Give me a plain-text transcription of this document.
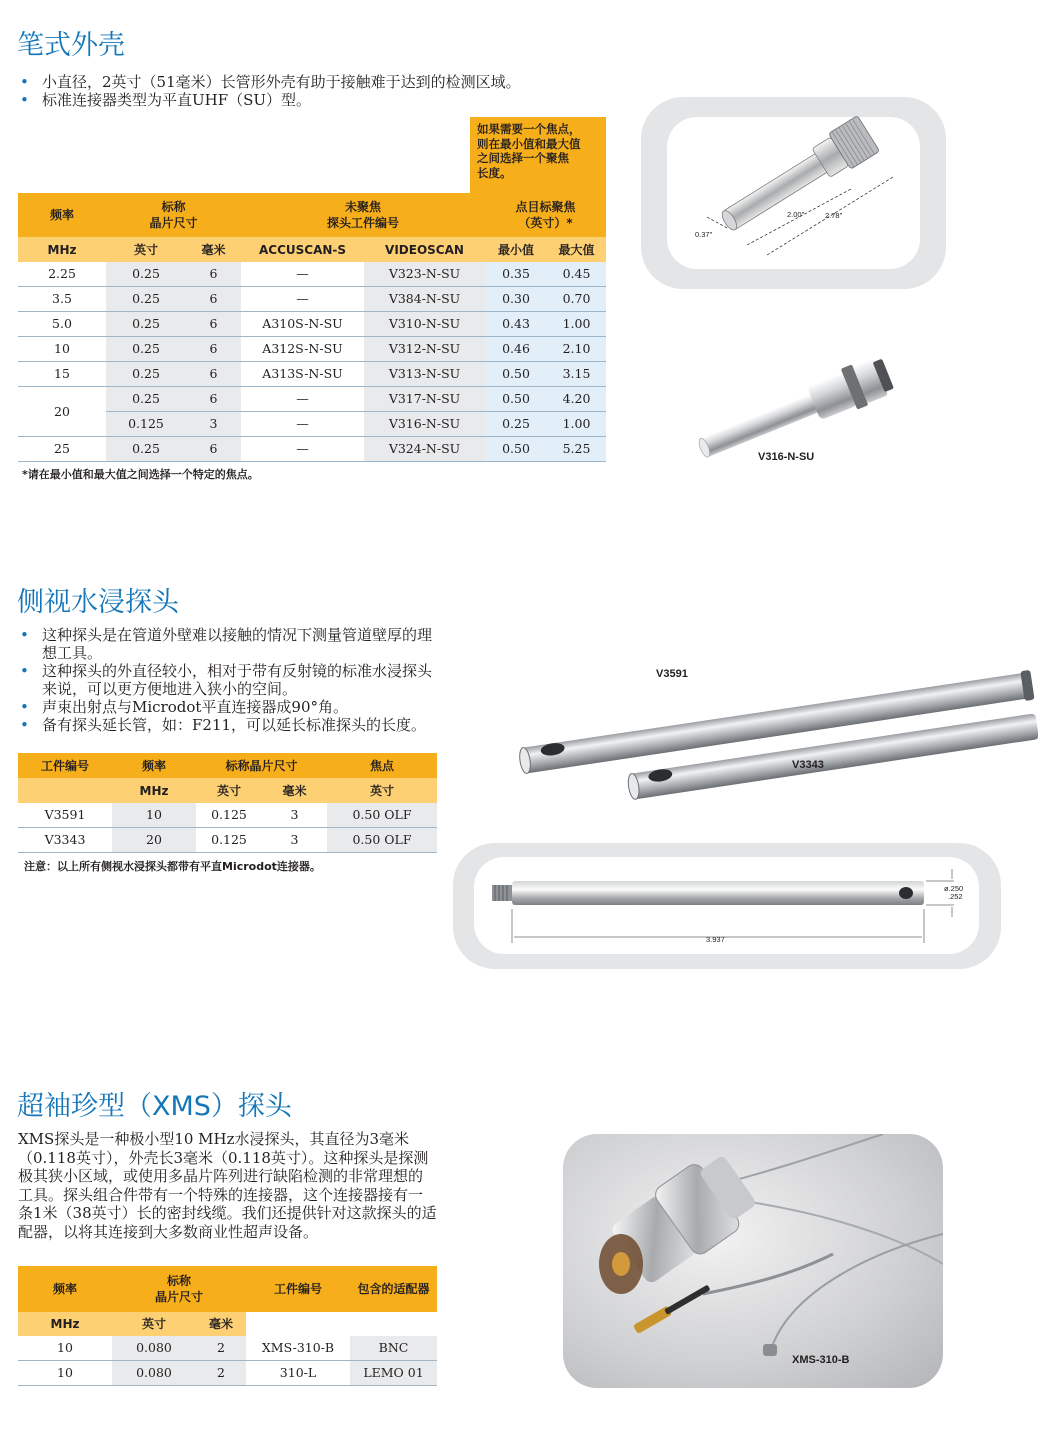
笔式外壳
• 小直径，2英寸（51毫米）长管形外壳有助于接触难于达到的检测区域。
• 标准连接器类型为平直UHF（SU）型。
如果需要一个焦点，
则在最小值和最大值
之间选择一个聚焦
长度。
频率	标称
晶片尺寸		未聚焦
探头工件编号		点目标聚焦
（英寸）*	
MHz	英寸	毫米	ACCUSCAN-S	VIDEOSCAN	最小值	最大值
2.25	0.25	6	—	V323-N-SU	0.35	0.45
3.5	0.25	6	—	V384-N-SU	0.30	0.70
5.0	0.25	6	A310S-N-SU	V310-N-SU	0.43	1.00
10	0.25	6	A312S-N-SU	V312-N-SU	0.46	2.10
15	0.25	6	A313S-N-SU	V313-N-SU	0.50	3.15
20	0.25	6	—	V317-N-SU	0.50	4.20
	0.125	3	—	V316-N-SU	0.25	1.00
25	0.25	6	—	V324-N-SU	0.50	5.25

*请在最小值和最大值之间选择一个特定的焦点。

0.37"
2.00"	2.78"

V316-N-SU

侧视水浸探头
• 这种探头是在管道外壁难以接触的情况下测量管道壁厚的理
想工具。
• 这种探头的外直径较小，相对于带有反射镜的标准水浸探头
来说，可以更方便地进入狭小的空间。
• 声束出射点与Microdot平直连接器成90°角。
• 备有探头延长管，如：F211，可以延长标准探头的长度。
工件编号	频率	标称晶片尺寸		焦点
	MHz	英寸	毫米	英寸
V3591	10	0.125	3	0.50 OLF
V3343	20	0.125	3	0.50 OLF

注意：以上所有侧视水浸探头都带有平直Microdot连接器。

V3591

V3343

3.937
ø.250
.252
超袖珍型（XMS）探头
XMS探头是一种极小型10 MHz水浸探头，其直径为3毫米
（0.118英寸），外壳长3毫米（0.118英寸）。这种探头是探测
极其狭小区域，或使用多晶片阵列进行缺陷检测的非常理想的
工具。探头组合件带有一个特殊的连接器，这个连接器接有一
条1米（38英寸）长的密封线缆。我们还提供针对这款探头的适
配器，以将其连接到大多数商业性超声设备。
频率	标称
晶片尺寸		工件编号	包含的适配器
MHz	英寸	毫米		
10	0.080	2	XMS-310-B	BNC
10	0.080	2	310-L	LEMO 01

XMS-310-B
